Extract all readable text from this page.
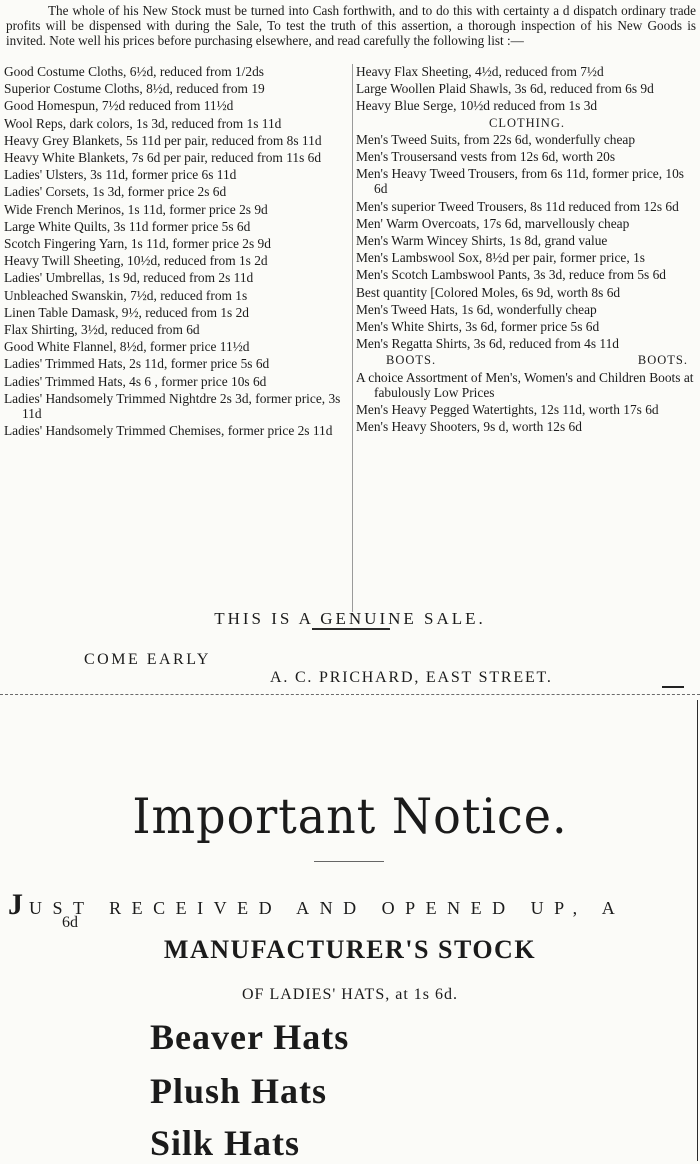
The whole of his New Stock must be turned into Cash forthwith, and to do this with certainty a d dispatch ordinary trade profits will be dispensed with during the Sale, To test the truth of this assertion, a thorough inspection of his New Goods is invited. Note well his prices before purchasing elsewhere, and read carefully the following list :—

Good Costume Cloths, 6½d, reduced from 1/2ds
Superior Costume Cloths, 8½d, reduced from 19
Good Homespun, 7½d reduced from 11½d
Wool Reps, dark colors, 1s 3d, reduced from 1s 11d
Heavy Grey Blankets, 5s 11d per pair, reduced from 8s 11d
Heavy White Blankets, 7s 6d per pair, reduced from 11s 6d
Ladies' Ulsters, 3s 11d, former price 6s 11d
Ladies' Corsets, 1s 3d, former price 2s 6d
Wide French Merinos, 1s 11d, former price 2s 9d
Large White Quilts, 3s 11d former price 5s 6d
Scotch Fingering Yarn, 1s 11d, former price 2s 9d
Heavy Twill Sheeting, 10½d, reduced from 1s 2d
Ladies' Umbrellas, 1s 9d, reduced from 2s 11d
Unbleached Swanskin, 7½d, reduced from 1s
Linen Table Damask, 9½, reduced from 1s 2d
Flax Shirting, 3½d, reduced from 6d
Good White Flannel, 8½d, former price 11½d
Ladies' Trimmed Hats, 2s 11d, former price 5s 6d
Ladies' Trimmed Hats, 4s 6 , former price 10s 6d
Ladies' Handsomely Trimmed Nightdre 2s 3d, former price, 3s 11d
Ladies' Handsomely Trimmed Chemises, former price 2s 11d
Heavy Flax Sheeting, 4½d, reduced from 7½d
Large Woollen Plaid Shawls, 3s 6d, reduced from 6s 9d
Heavy Blue Serge, 10½d reduced from 1s 3d
CLOTHING.
Men's Tweed Suits, from 22s 6d, wonderfully cheap
Men's Trousersand vests from 12s 6d, worth 20s
Men's Heavy Tweed Trousers, from 6s 11d, former price, 10s 6d
Men's superior Tweed Trousers, 8s 11d reduced from 12s 6d
Men' Warm Overcoats, 17s 6d, marvellously cheap
Men's Warm Wincey Shirts, 1s 8d, grand value
Men's Lambswool Sox, 8½d per pair, former price, 1s
Men's Scotch Lambswool Pants, 3s 3d, reduce from 5s 6d
Best quantity [Colored Moles, 6s 9d, worth 8s 6d
Men's Tweed Hats, 1s 6d, wonderfully cheap
Men's White Shirts, 3s 6d, former price 5s 6d
Men's Regatta Shirts, 3s 6d, reduced from 4s 11d
BOOTS.	BOOTS.
A choice Assortment of Men's, Women's and Children Boots at fabulously Low Prices
Men's Heavy Pegged Watertights, 12s 11d, worth 17s 6d
Men's Heavy Shooters, 9s d, worth 12s 6d
THIS IS A GENUINE SALE.
COME EARLY
A. C. PRICHARD, EAST STREET.
Important Notice.
JUST RECEIVED AND OPENED UP, A
6d
MANUFACTURER'S STOCK
OF LADIES' HATS, at 1s 6d.
Beaver Hats
Plush Hats
Silk Hats
